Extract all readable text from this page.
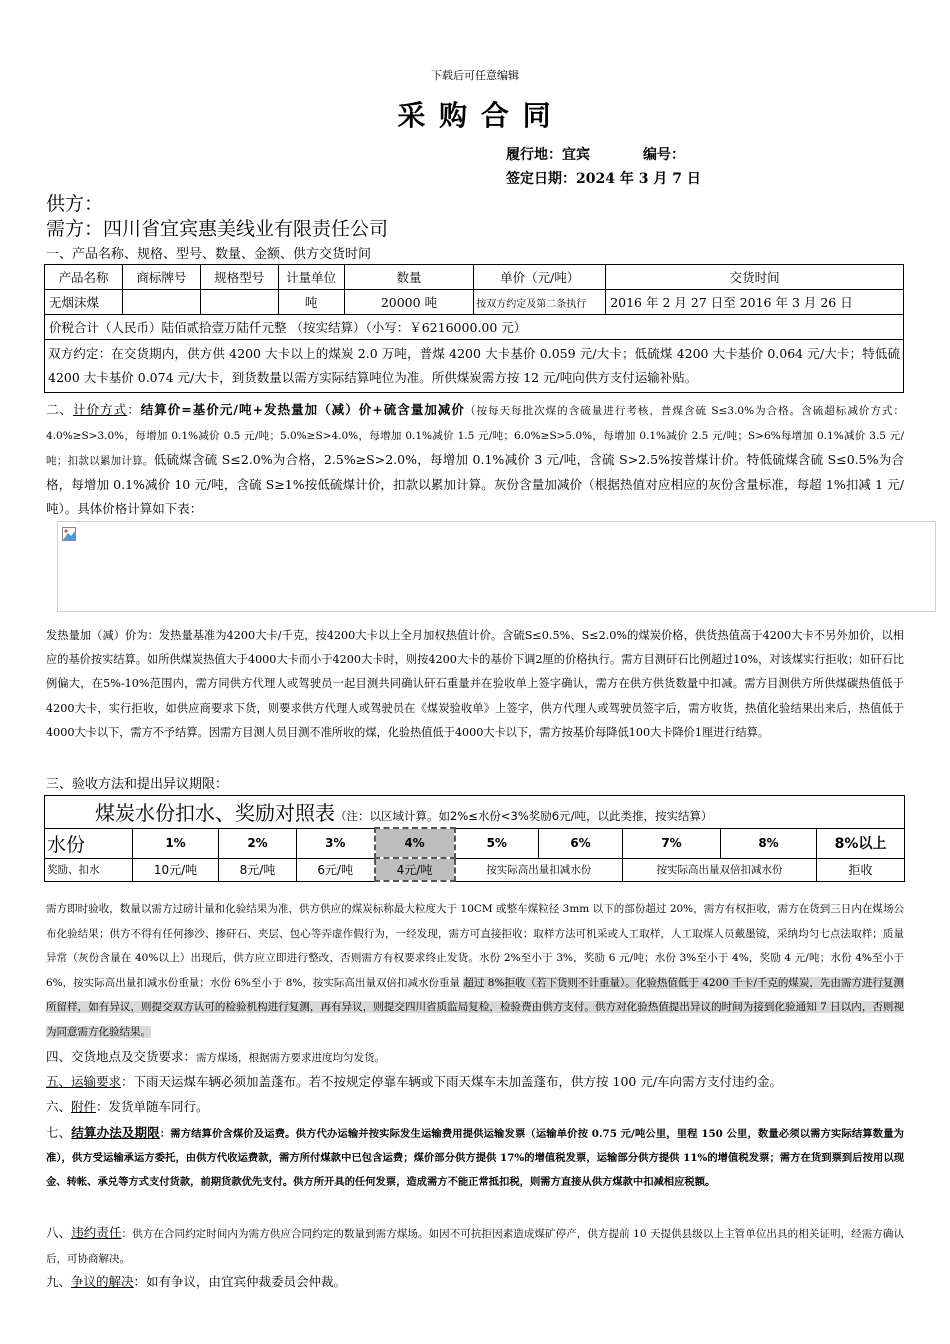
下载后可任意编辑
采 购 合 同
履行地：宜宾	编号：
签定日期：2024 年 3 月 7 日
供方：
需方：四川省宜宾惠美线业有限责任公司
一、产品名称、规格、型号、数量、金额、供方交货时间
产品名称	商标牌号	规格型号	计量单位	数量	单价（元/吨）	交货时间
无烟沫煤			吨	20000 吨	按双方约定及第二条执行	2016 年 2 月 27 日至 2016 年 3 月 26 日
价税合计（人民币）陆佰贰拾壹万陆仟元整 （按实结算）（小写：￥6216000.00 元）						
双方约定：在交货期内，供方供 4200 大卡以上的煤炭 2.0 万吨，普煤 4200 大卡基价 0.059 元/大卡；低硫煤 4200 大卡基价 0.064 元/大卡；特低硫 4200 大卡基价 0.074 元/大卡，到货数量以需方实际结算吨位为准。所供煤炭需方按 12 元/吨向供方支付运输补贴。						
二、计价方式：结算价=基价元/吨+发热量加（减）价+硫含量加减价（按每天每批次煤的含硫量进行考核，普煤含硫 S≤3.0%为合格。含硫超标减价方式：4.0%≥S>3.0%，每增加 0.1%减价 0.5 元/吨；5.0%≥S>4.0%，每增加 0.1%减价 1.5 元/吨；6.0%≥S>5.0%，每增加 0.1%减价 2.5 元/吨；S>6%每增加 0.1%减价 3.5 元/吨；扣款以累加计算。低硫煤含硫 S≤2.0%为合格，2.5%≥S>2.0%，每增加 0.1%减价 3 元/吨，含硫 S>2.5%按普煤计价。特低硫煤含硫 S≤0.5%为合格，每增加 0.1%减价 10 元/吨，含硫 S≥1%按低硫煤计价，扣款以累加计算。灰份含量加减价（根据热值对应相应的灰份含量标准，每超 1%扣减 1 元/吨）。具体价格计算如下表：
发热量加（减）价为：发热量基准为4200大卡/千克，按4200大卡以上全月加权热值计价。含硫S≤0.5%、S≤2.0%的煤炭价格，供货热值高于4200大卡不另外加价，以相应的基价按实结算。如所供煤炭热值大于4000大卡而小于4200大卡时，则按4200大卡的基价下调2厘的价格执行。需方目测矸石比例超过10%，对该煤实行拒收；如矸石比例偏大，在5%-10%范围内，需方同供方代理人或驾驶员一起目测共同确认矸石重量并在验收单上签字确认，需方在供方供货数量中扣减。需方目测供方所供煤碳热值低于4200大卡，实行拒收，如供应商要求下货，则要求供方代理人或驾驶员在《煤炭验收单》上签字，供方代理人或驾驶员签字后，需方收货，热值化验结果出来后，热值低于4000大卡以下，需方不予结算。因需方目测人员目测不准所收的煤，化验热值低于4000大卡以下，需方按基价每降低100大卡降价1厘进行结算。
三、验收方法和提出异议期限：
煤炭水份扣水、奖励对照表（注：以区域计算。如2%≤水份<3%奖励6元/吨，以此类推，按实结算）									
水份	1%	2%	3%	4%	5%	6%	7%	8%	8%以上
奖励、扣水	10元/吨	8元/吨	6元/吨	4元/吨	按实际高出量扣减水份		按实际高出量双倍扣减水份		拒收
需方即时验收，数量以需方过磅计量和化验结果为准，供方供应的煤炭标称最大粒度大于 10CM 或整车煤粒径 3mm 以下的部份超过 20%，需方有权拒收，需方在货到三日内在煤场公布化验结果；供方不得有任何掺沙、掺矸石、夹层、包心等弄虚作假行为，一经发现，需方可直接拒收；取样方法可机采或人工取样，人工取煤人员戴墨镜，采纳均匀七点法取样；质量异常（灰份含量在 40%以上）出现后，供方应立即进行整改，否则需方有权要求终止发货。水份 2%至小于 3%，奖励 6 元/吨；水份 3%至小于 4%，奖励 4 元/吨；水份 4%至小于 6%，按实际高出量扣减水份重量；水份 6%至小于 8%，按实际高出量双倍扣减水份重量 超过 8%拒收（若下货则不计重量）。化验热值低于 4200 千卡/千克的煤炭，先由需方进行复测所留样，如有异议，则提交双方认可的检验机构进行复测，再有异议，则提交四川省质监局复检，检验费由供方支付。供方对化验热值提出异议的时间为接到化验通知 7 日以内，否则视为同意需方化验结果。
四、交货地点及交货要求：需方煤场，根据需方要求进度均匀发货。
五、运输要求：下雨天运煤车辆必须加盖蓬布。若不按规定停靠车辆或下雨天煤车未加盖蓬布，供方按 100 元/车向需方支付违约金。
六、附件：发货单随车同行。
七、结算办法及期限：需方结算价含煤价及运费。供方代办运输并按实际发生运输费用提供运输发票（运输单价按 0.75 元/吨公里，里程 150 公里，数量必须以需方实际结算数量为准），供方受运输承运方委托，由供方代收运费款，需方所付煤款中已包含运费；煤价部分供方提供 17%的增值税发票，运输部分供方提供 11%的增值税发票；需方在货到票到后按用以现金、转帐、承兑等方式支付货款，前期货款优先支付。供方所开具的任何发票，造成需方不能正常抵扣税，则需方直接从供方煤款中扣减相应税额。
八、违约责任：供方在合同约定时间内为需方供应合同约定的数量到需方煤场。如因不可抗拒因素造成煤矿停产，供方提前 10 天提供县级以上主管单位出具的相关证明，经需方确认后，可协商解决。
九、争议的解决：如有争议，由宜宾仲裁委员会仲裁。
